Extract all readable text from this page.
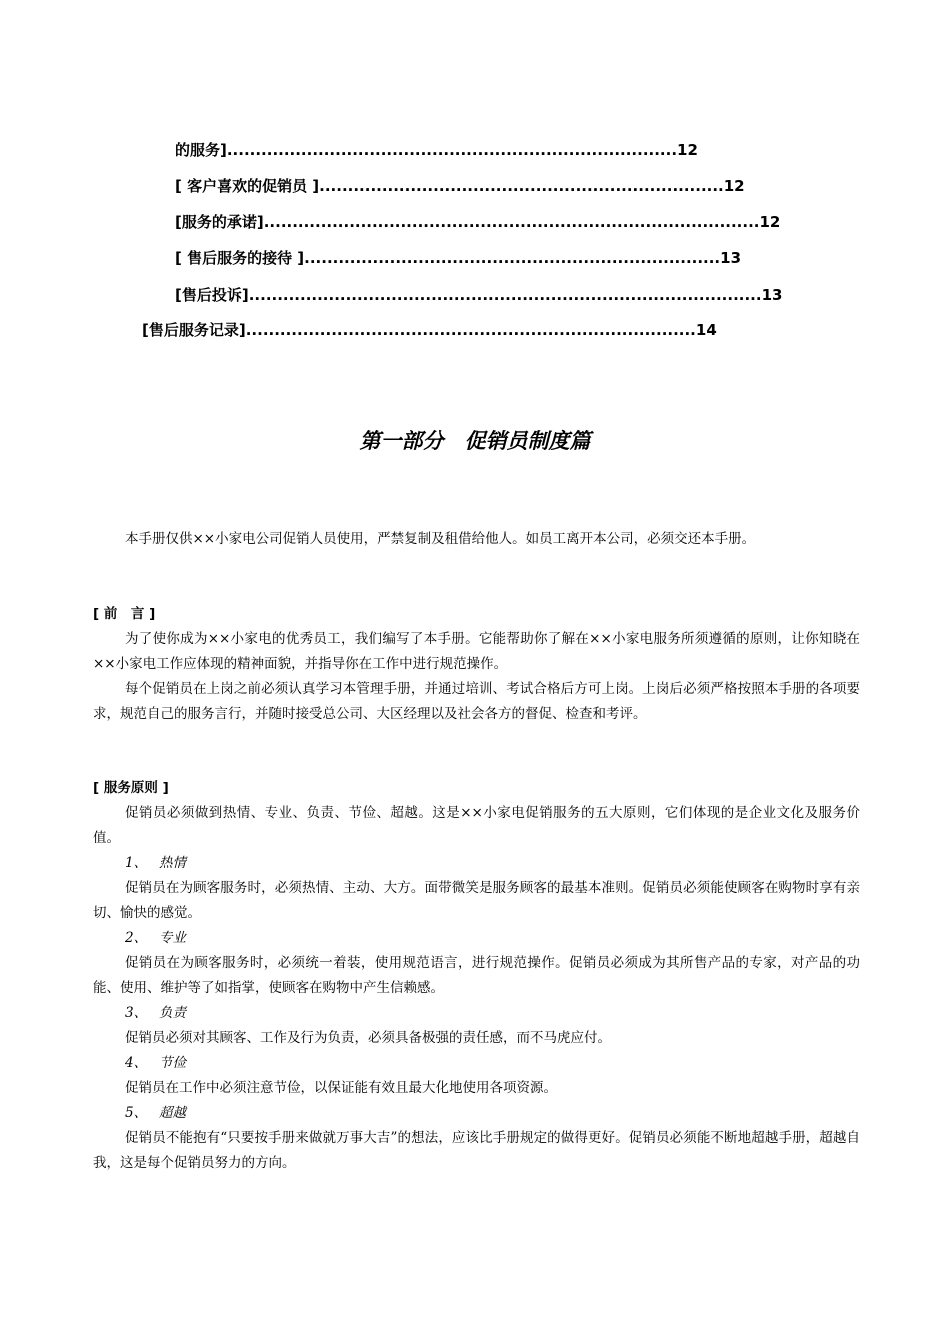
的服务]...............................................................................12
[ 客户喜欢的促销员 ].......................................................................12
[服务的承诺].......................................................................................12
[ 售后服务的接待 ].........................................................................13
[售后投诉]..........................................................................................13
[售后服务记录]...............................................................................14
第一部分　促销员制度篇

本手册仅供××小家电公司促销人员使用，严禁复制及租借给他人。如员工离开本公司，必须交还本手册。

[ 前　言 ]

为了使你成为××小家电的优秀员工，我们编写了本手册。它能帮助你了解在××小家电服务所须遵循的原则，让你知晓在××小家电工作应体现的精神面貌，并指导你在工作中进行规范操作。

每个促销员在上岗之前必须认真学习本管理手册，并通过培训、考试合格后方可上岗。上岗后必须严格按照本手册的各项要求，规范自己的服务言行，并随时接受总公司、大区经理以及社会各方的督促、检查和考评。

[ 服务原则 ]

促销员必须做到热情、专业、负责、节俭、超越。这是××小家电促销服务的五大原则，它们体现的是企业文化及服务价值。

1、 热情

促销员在为顾客服务时，必须热情、主动、大方。面带微笑是服务顾客的最基本准则。促销员必须能使顾客在购物时享有亲切、愉快的感觉。

2、 专业

促销员在为顾客服务时，必须统一着装，使用规范语言，进行规范操作。促销员必须成为其所售产品的专家，对产品的功能、使用、维护等了如指掌，使顾客在购物中产生信赖感。

3、 负责

促销员必须对其顾客、工作及行为负责，必须具备极强的责任感，而不马虎应付。

4、 节俭

促销员在工作中必须注意节俭，以保证能有效且最大化地使用各项资源。

5、 超越

促销员不能抱有“只要按手册来做就万事大吉”的想法，应该比手册规定的做得更好。促销员必须能不断地超越手册，超越自我，这是每个促销员努力的方向。
